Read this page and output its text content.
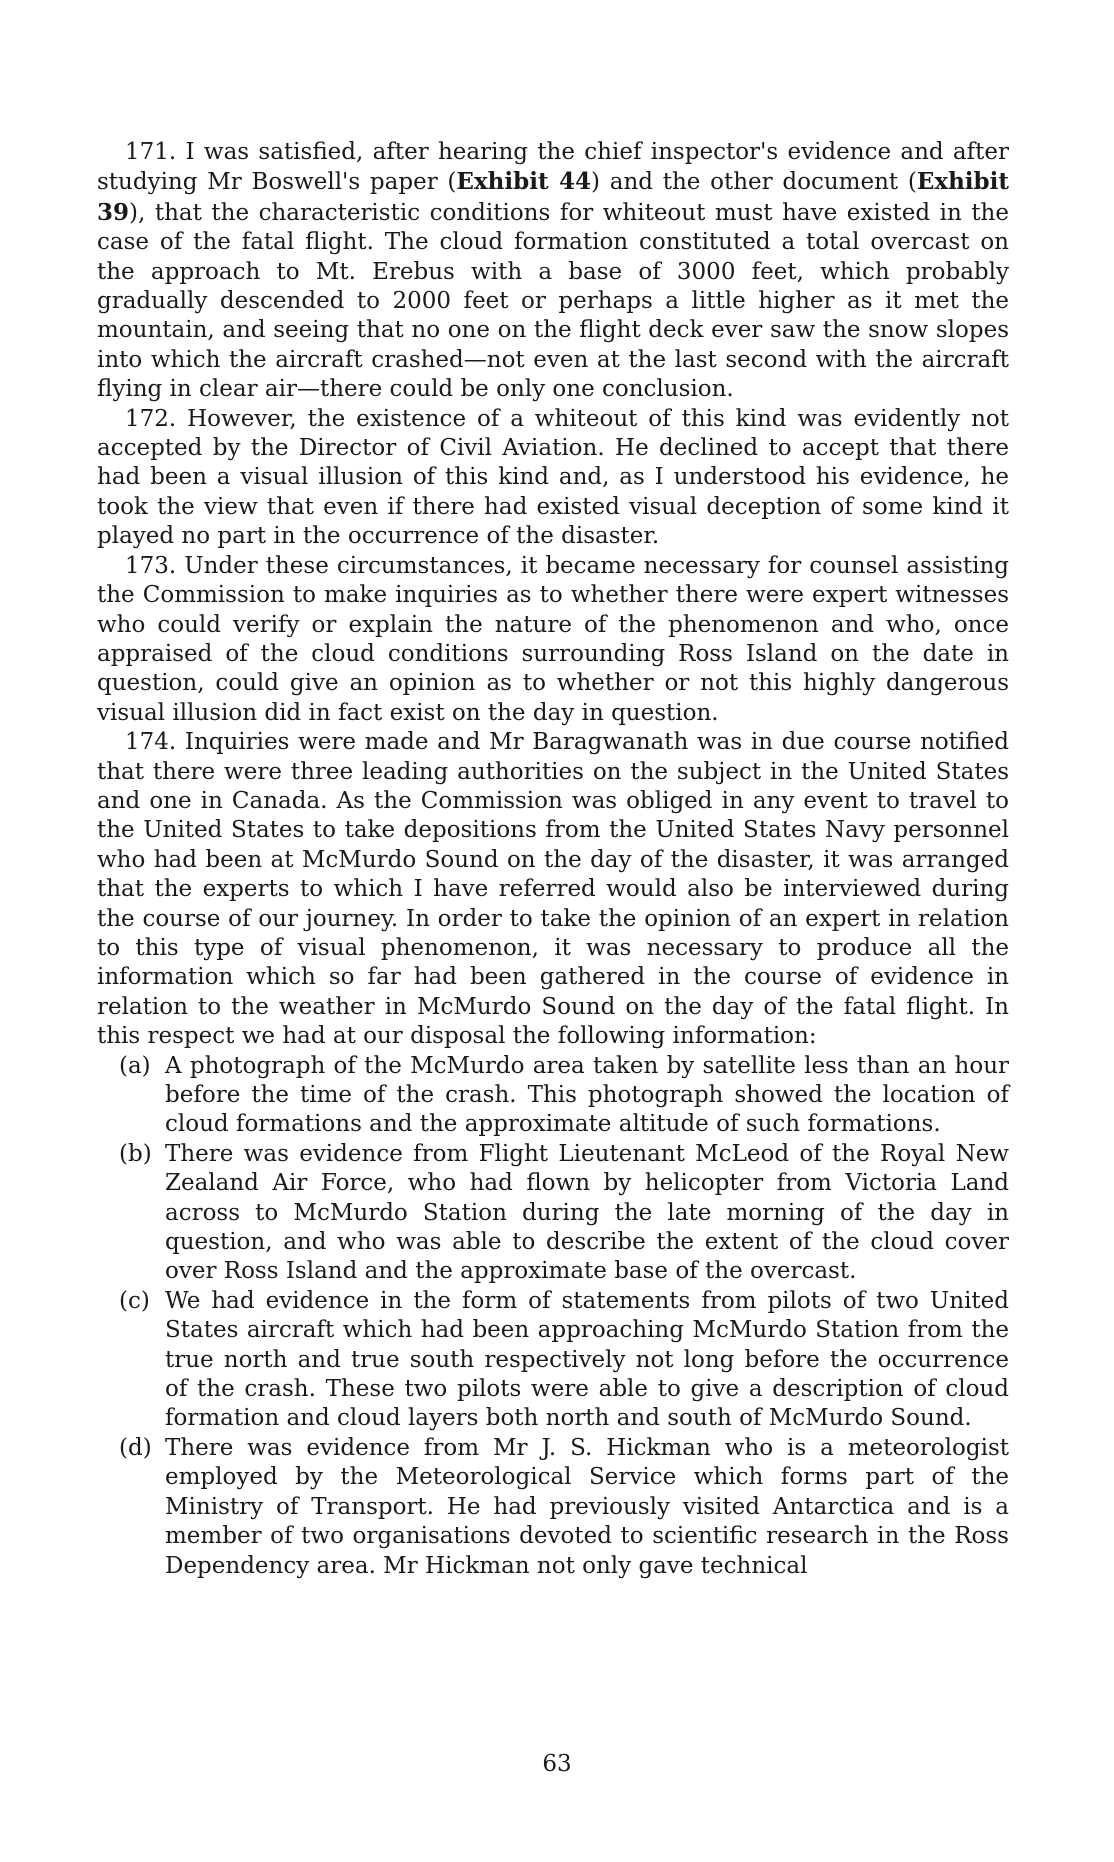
171. I was satisfied, after hearing the chief inspector's evidence and after studying Mr Boswell's paper (Exhibit 44) and the other document (Exhibit 39), that the characteristic conditions for whiteout must have existed in the case of the fatal flight. The cloud formation constituted a total overcast on the approach to Mt. Erebus with a base of 3000 feet, which probably gradually descended to 2000 feet or perhaps a little higher as it met the mountain, and seeing that no one on the flight deck ever saw the snow slopes into which the aircraft crashed—not even at the last second with the aircraft flying in clear air—there could be only one conclusion.

172. However, the existence of a whiteout of this kind was evidently not accepted by the Director of Civil Aviation. He declined to accept that there had been a visual illusion of this kind and, as I understood his evidence, he took the view that even if there had existed visual deception of some kind it played no part in the occurrence of the disaster.

173. Under these circumstances, it became necessary for counsel assisting the Commission to make inquiries as to whether there were expert witnesses who could verify or explain the nature of the phenomenon and who, once appraised of the cloud conditions surrounding Ross Island on the date in question, could give an opinion as to whether or not this highly dangerous visual illusion did in fact exist on the day in question.

174. Inquiries were made and Mr Baragwanath was in due course notified that there were three leading authorities on the subject in the United States and one in Canada. As the Commission was obliged in any event to travel to the United States to take depositions from the United States Navy personnel who had been at McMurdo Sound on the day of the disaster, it was arranged that the experts to which I have referred would also be interviewed during the course of our journey. In order to take the opinion of an expert in relation to this type of visual phenomenon, it was necessary to produce all the information which so far had been gathered in the course of evidence in relation to the weather in McMurdo Sound on the day of the fatal flight. In this respect we had at our disposal the following information:

(a) A photograph of the McMurdo area taken by satellite less than an hour before the time of the crash. This photograph showed the location of cloud formations and the approximate altitude of such formations.
(b) There was evidence from Flight Lieutenant McLeod of the Royal New Zealand Air Force, who had flown by helicopter from Victoria Land across to McMurdo Station during the late morning of the day in question, and who was able to describe the extent of the cloud cover over Ross Island and the approximate base of the overcast.
(c) We had evidence in the form of statements from pilots of two United States aircraft which had been approaching McMurdo Station from the true north and true south respectively not long before the occurrence of the crash. These two pilots were able to give a description of cloud formation and cloud layers both north and south of McMurdo Sound.
(d) There was evidence from Mr J. S. Hickman who is a meteorologist employed by the Meteorological Service which forms part of the Ministry of Transport. He had previously visited Antarctica and is a member of two organisations devoted to scientific research in the Ross Dependency area. Mr Hickman not only gave technical
63
